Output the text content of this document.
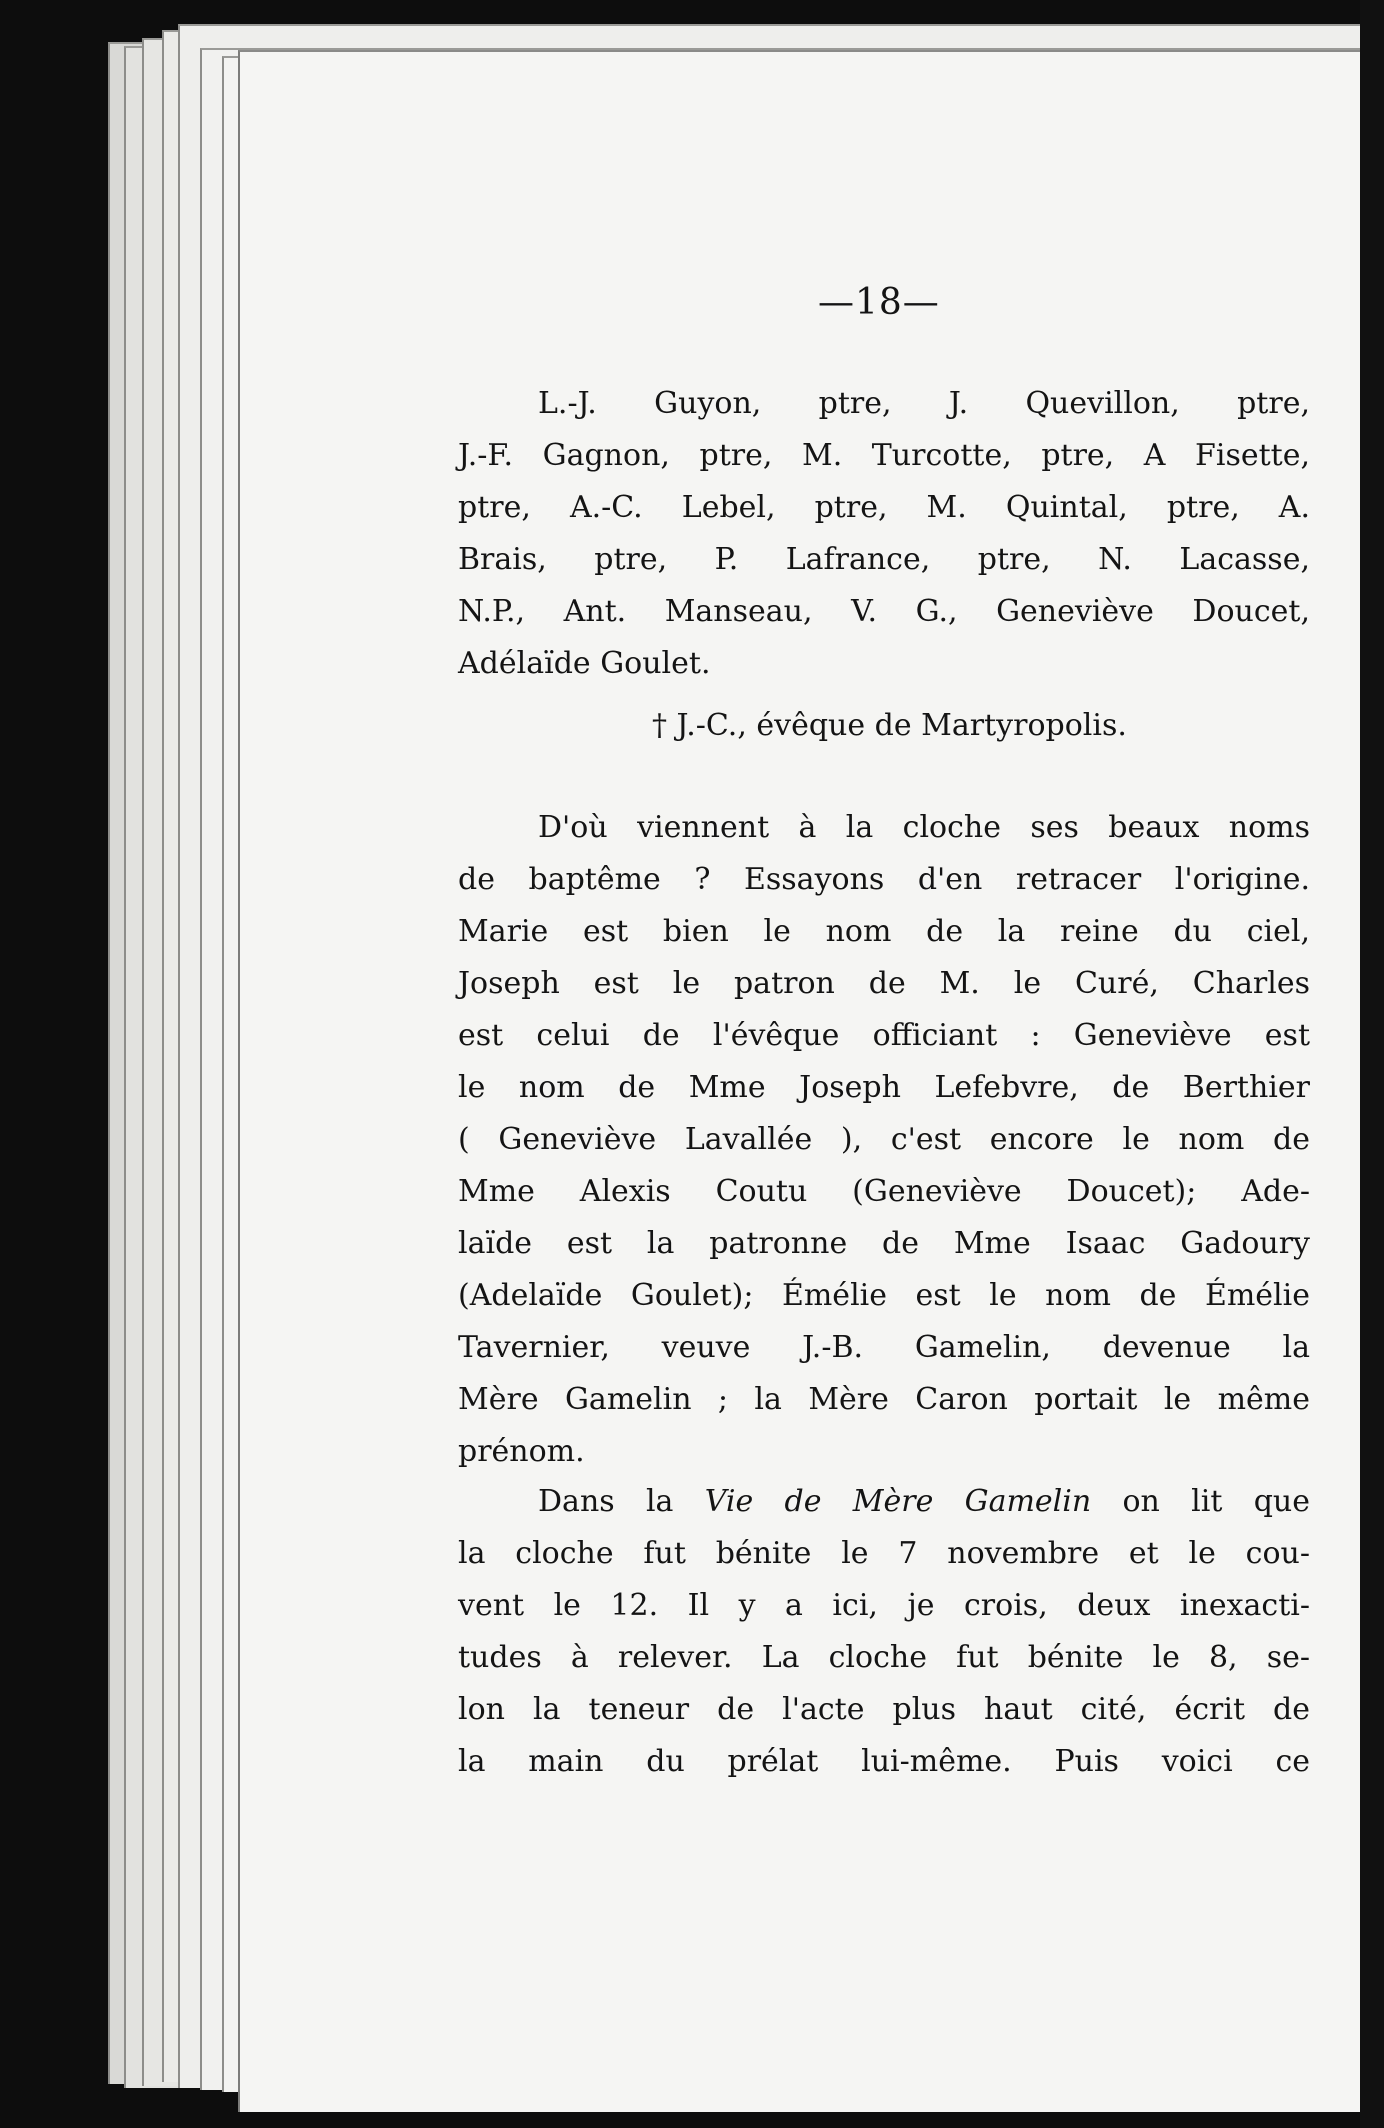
—18—
L.-J. Guyon, ptre, J. Quevillon, ptre,
J.-F. Gagnon, ptre, M. Turcotte, ptre, A Fisette,
ptre, A.-C. Lebel, ptre, M. Quintal, ptre, A.
Brais, ptre, P. Lafrance, ptre, N. Lacasse,
N.P., Ant. Manseau, V. G., Geneviève Doucet,
Adélaïde Goulet.
† J.-C., évêque de Martyropolis.
D'où viennent à la cloche ses beaux noms
de baptême ? Essayons d'en retracer l'origine.
Marie est bien le nom de la reine du ciel,
Joseph est le patron de M. le Curé, Charles
est celui de l'évêque officiant : Geneviève est
le nom de Mme Joseph Lefebvre, de Berthier
( Geneviève Lavallée ), c'est encore le nom de
Mme Alexis Coutu (Geneviève Doucet); Ade-
laïde est la patronne de Mme Isaac Gadoury
(Adelaïde Goulet); Émélie est le nom de Émélie
Tavernier, veuve J.-B. Gamelin, devenue la
Mère Gamelin ; la Mère Caron portait le même
prénom.
Dans la Vie de Mère Gamelin on lit que
la cloche fut bénite le 7 novembre et le cou-
vent le 12. Il y a ici, je crois, deux inexacti-
tudes à relever. La cloche fut bénite le 8, se-
lon la teneur de l'acte plus haut cité, écrit de
la main du prélat lui-même. Puis voici ce
